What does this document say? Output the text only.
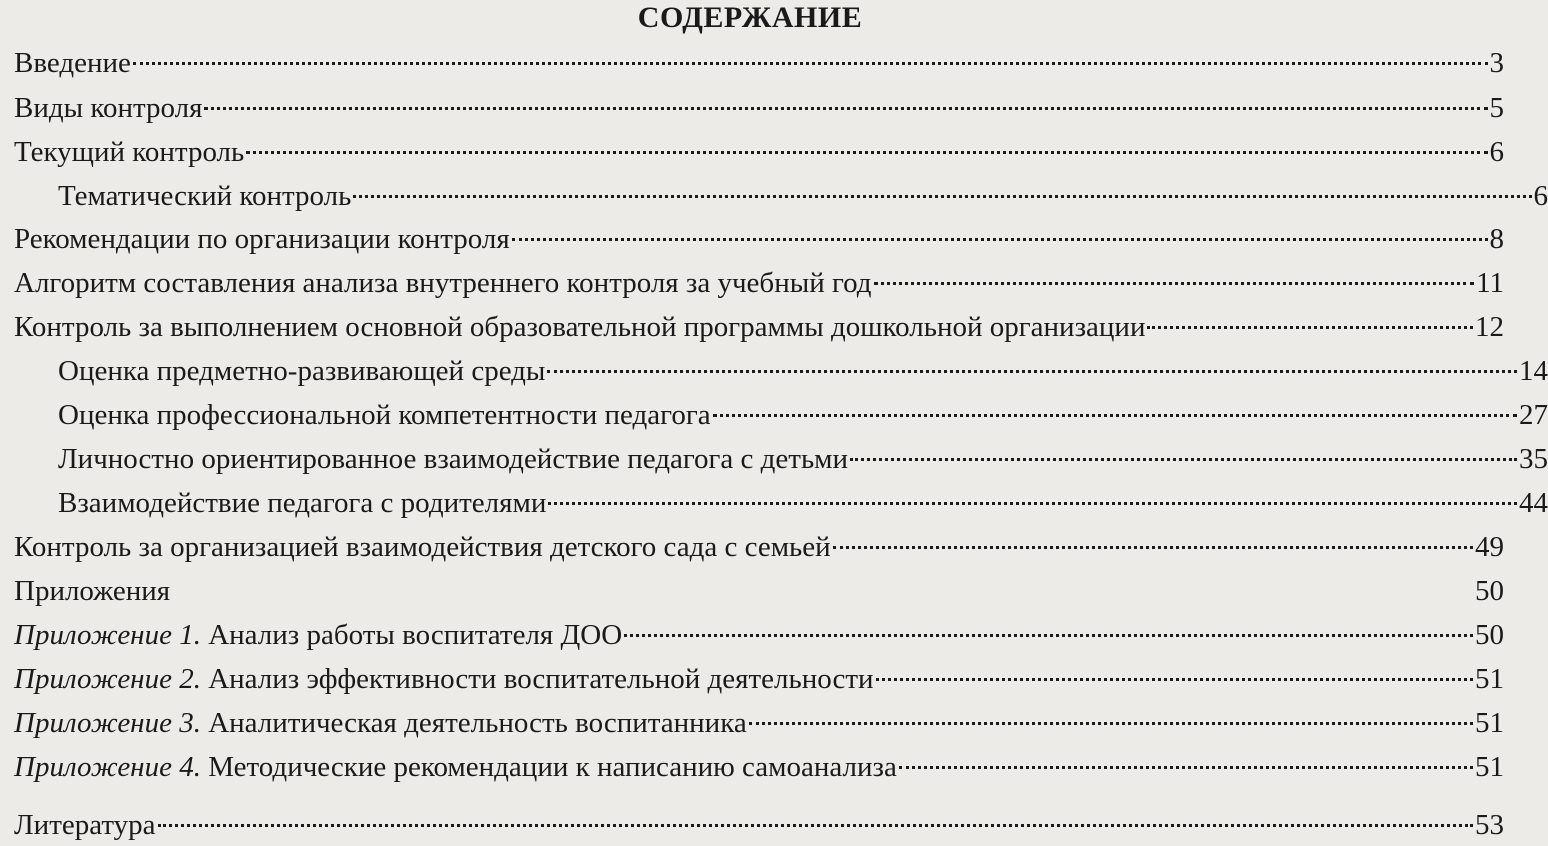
СОДЕРЖАНИЕ
Введение	3
Виды контроля	5
Текущий контроль	6
Тематический контроль	6
Рекомендации по организации контроля	8
Алгоритм составления анализа внутреннего контроля за учебный год	11
Контроль за выполнением основной образовательной программы дошкольной организации	12
Оценка предметно-развивающей среды	14
Оценка профессиональной компетентности педагога	27
Личностно ориентированное взаимодействие педагога с детьми	35
Взаимодействие педагога с родителями	44
Контроль за организацией взаимодействия детского сада с семьей	49
Приложения	50
Приложение 1. Анализ работы воспитателя ДОО	50
Приложение 2. Анализ эффективности воспитательной деятельности	51
Приложение 3. Аналитическая деятельность воспитанника	51
Приложение 4. Методические рекомендации к написанию самоанализа	51
Литература	53
